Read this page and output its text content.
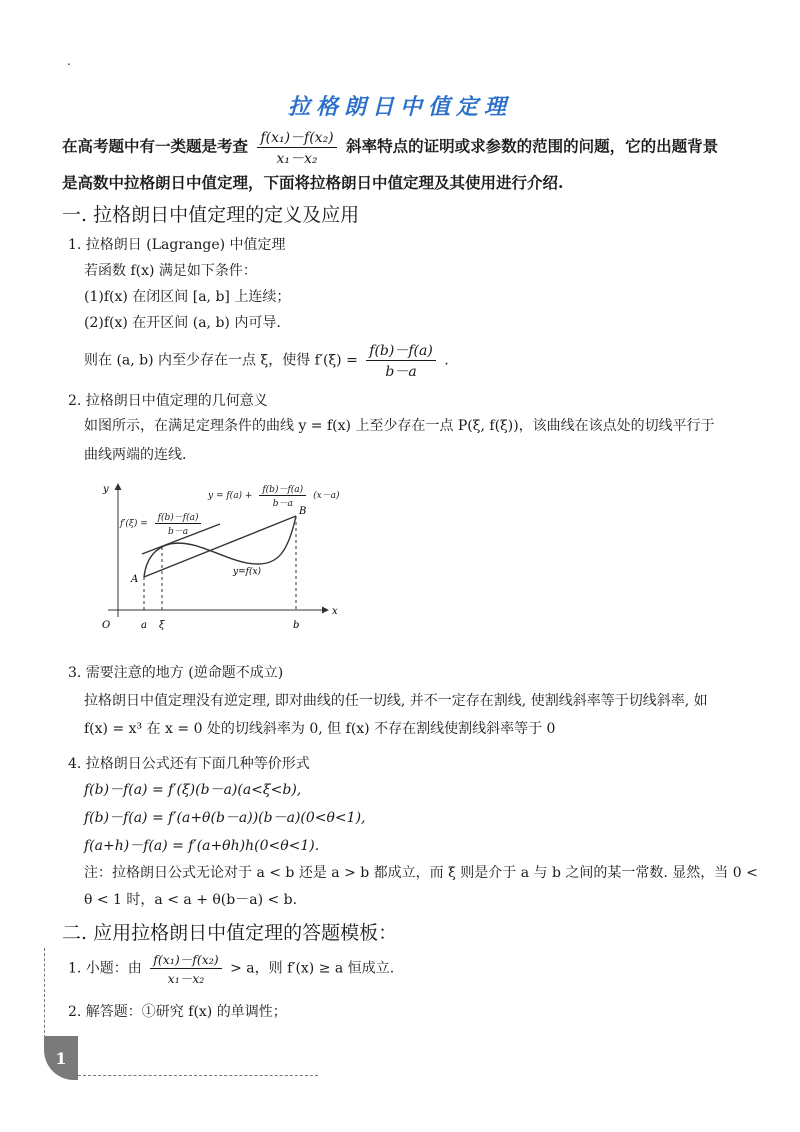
.
拉格朗日中值定理
在高考题中有一类题是考查 $\frac{\text{f(x₁)－f(x₂)}}{\text{x₁－x₂}}$ 斜率特点的证明或求参数的范围的问题，它的出题背景
是高数中拉格朗日中值定理，下面将拉格朗日中值定理及其使用进行介绍.
一. 拉格朗日中值定理的定义及应用
1. 拉格朗日 (Lagrange) 中值定理
若函数 f(x) 满足如下条件：
(1)f(x) 在闭区间 [a, b] 上连续；
(2)f(x) 在开区间 (a, b) 内可导.
则在 (a, b) 内至少存在一点 ξ，使得 $f'(\xi) = \frac{f(b)-f(a)}{b-a}$ .
2. 拉格朗日中值定理的几何意义
如图所示，在满足定理条件的曲线 y = f(x) 上至少存在一点 P(ξ, f(ξ))，该曲线在该点处的切线平行于
曲线两端的连线.
y
x
O	a ξ	b
A
B
y=f(x)
$y = f(a) + \frac{f(b)-f(a)}{b-a} (x-a)$
$f'(\xi) = \frac{f(b)-f(a)}{b-a}$
3. 需要注意的地方 (逆命题不成立)
拉格朗日中值定理没有逆定理, 即对曲线的任一切线, 并不一定存在割线, 使割线斜率等于切线斜率, 如
f(x) = x³ 在 x = 0 处的切线斜率为 0, 但 f(x) 不存在割线使割线斜率等于 0
4. 拉格朗日公式还有下面几种等价形式
f(b)－f(a) = f′(ξ)(b－a)(a<ξ<b),
f(b)－f(a) = f′(a+θ(b－a))(b－a)(0<θ<1),
f(a+h)－f(a) = f′(a+θh)h(0<θ<1).
注：拉格朗日公式无论对于 a < b 还是 a > b 都成立，而 ξ 则是介于 a 与 b 之间的某一常数. 显然，当 0 <
θ < 1 时，a < a + θ(b－a) < b.
二. 应用拉格朗日中值定理的答题模板：
1. 小题：由 $\frac{\text{f(x₁)－f(x₂)}}{\text{x₁－x₂}} > a$，则 f′(x) ≥ a 恒成立.
2. 解答题：①研究 f(x) 的单调性；
1
